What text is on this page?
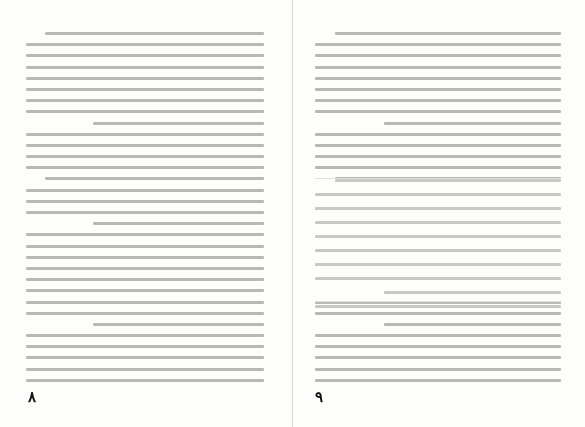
۸	۹
